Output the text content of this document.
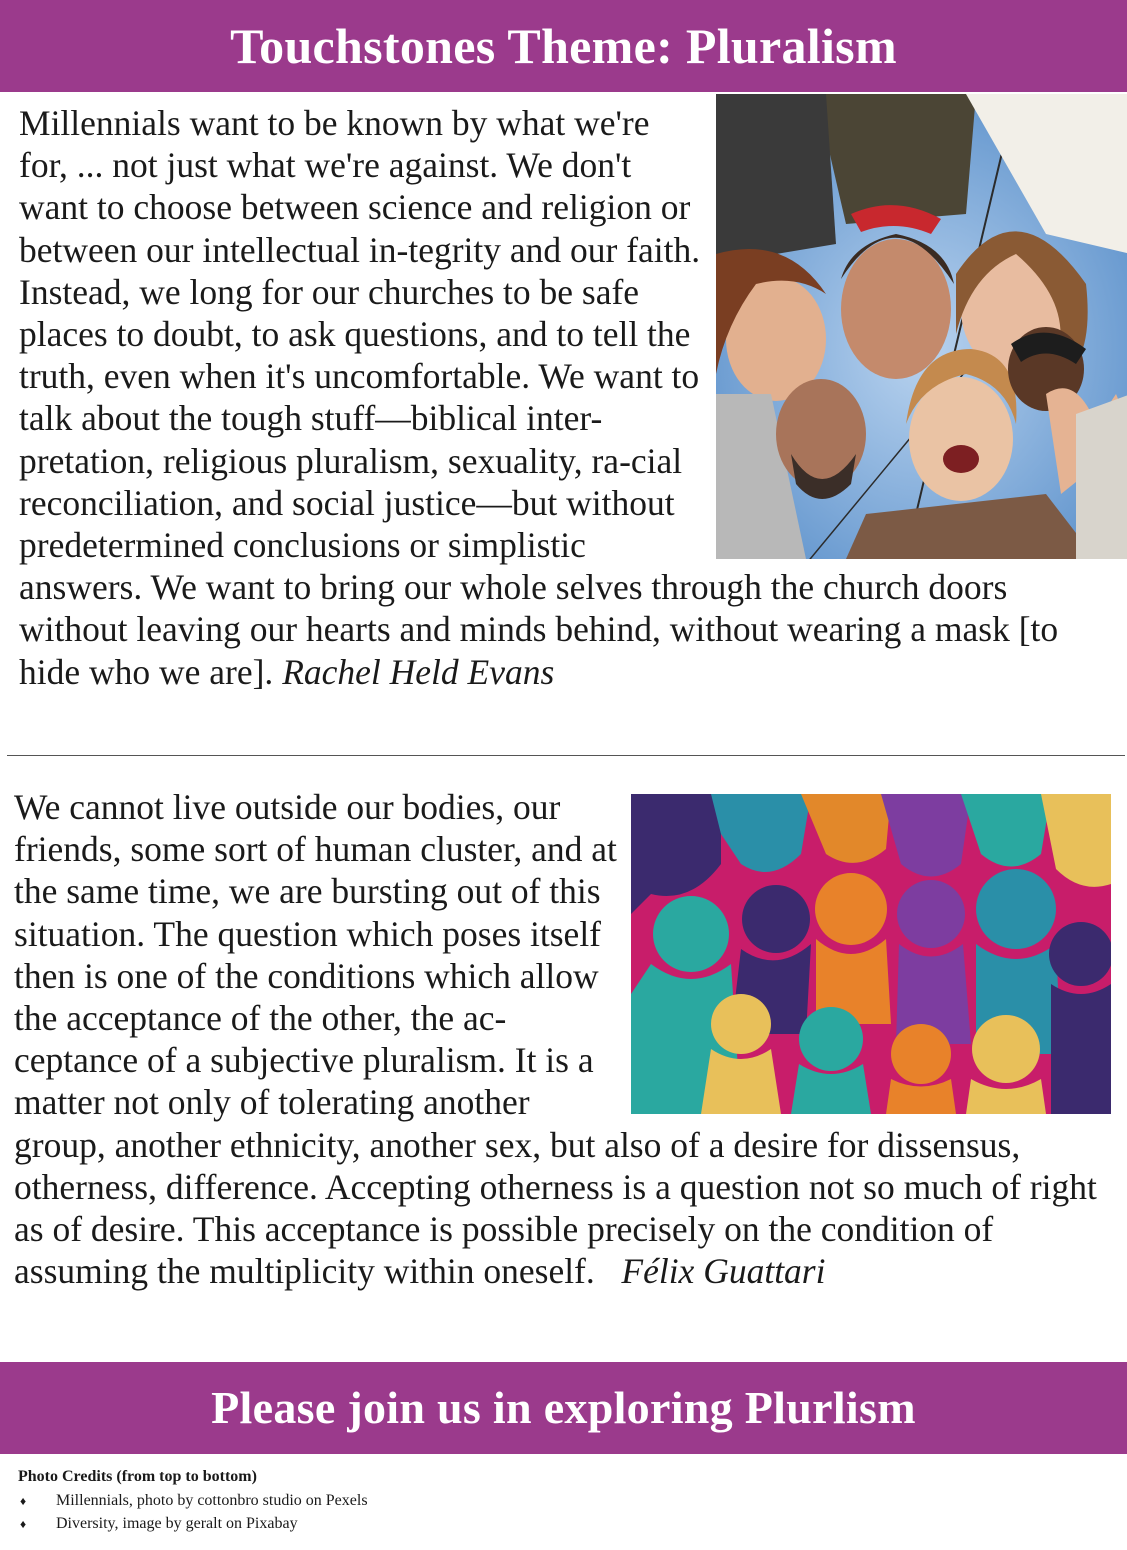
Touchstones Theme: Pluralism

Millennials want to be known by what we're for, ... not just what we're against. We don't want to choose between science and religion or between our intellectual in-tegrity and our faith. Instead, we long for our churches to be safe places to doubt, to ask questions, and to tell the truth, even when it's uncomfortable. We want to talk about the tough stuff—biblical inter-pretation, religious pluralism, sexuality, ra-cial reconciliation, and social justice—but without predetermined conclusions or simplistic answers. We want to bring our whole selves through the church doors without leaving our hearts and minds behind, without wearing a mask [to hide who we are]. Rachel Held Evans

We cannot live outside our bodies, our friends, some sort of human cluster, and at the same time, we are bursting out of this situation. The question which poses itself then is one of the conditions which allow the acceptance of the other, the ac-ceptance of a subjective pluralism. It is a matter not only of tolerating another group, another ethnicity, another sex, but also of a desire for dissensus, otherness, difference. Accepting otherness is a question not so much of right as of desire. This acceptance is possible precisely on the condition of assuming the multiplicity within oneself. Félix Guattari

Please join us in exploring Plurlism
Photo Credits (from top to bottom)
♦	Millennials, photo by cottonbro studio on Pexels
♦	Diversity, image by geralt on Pixabay
